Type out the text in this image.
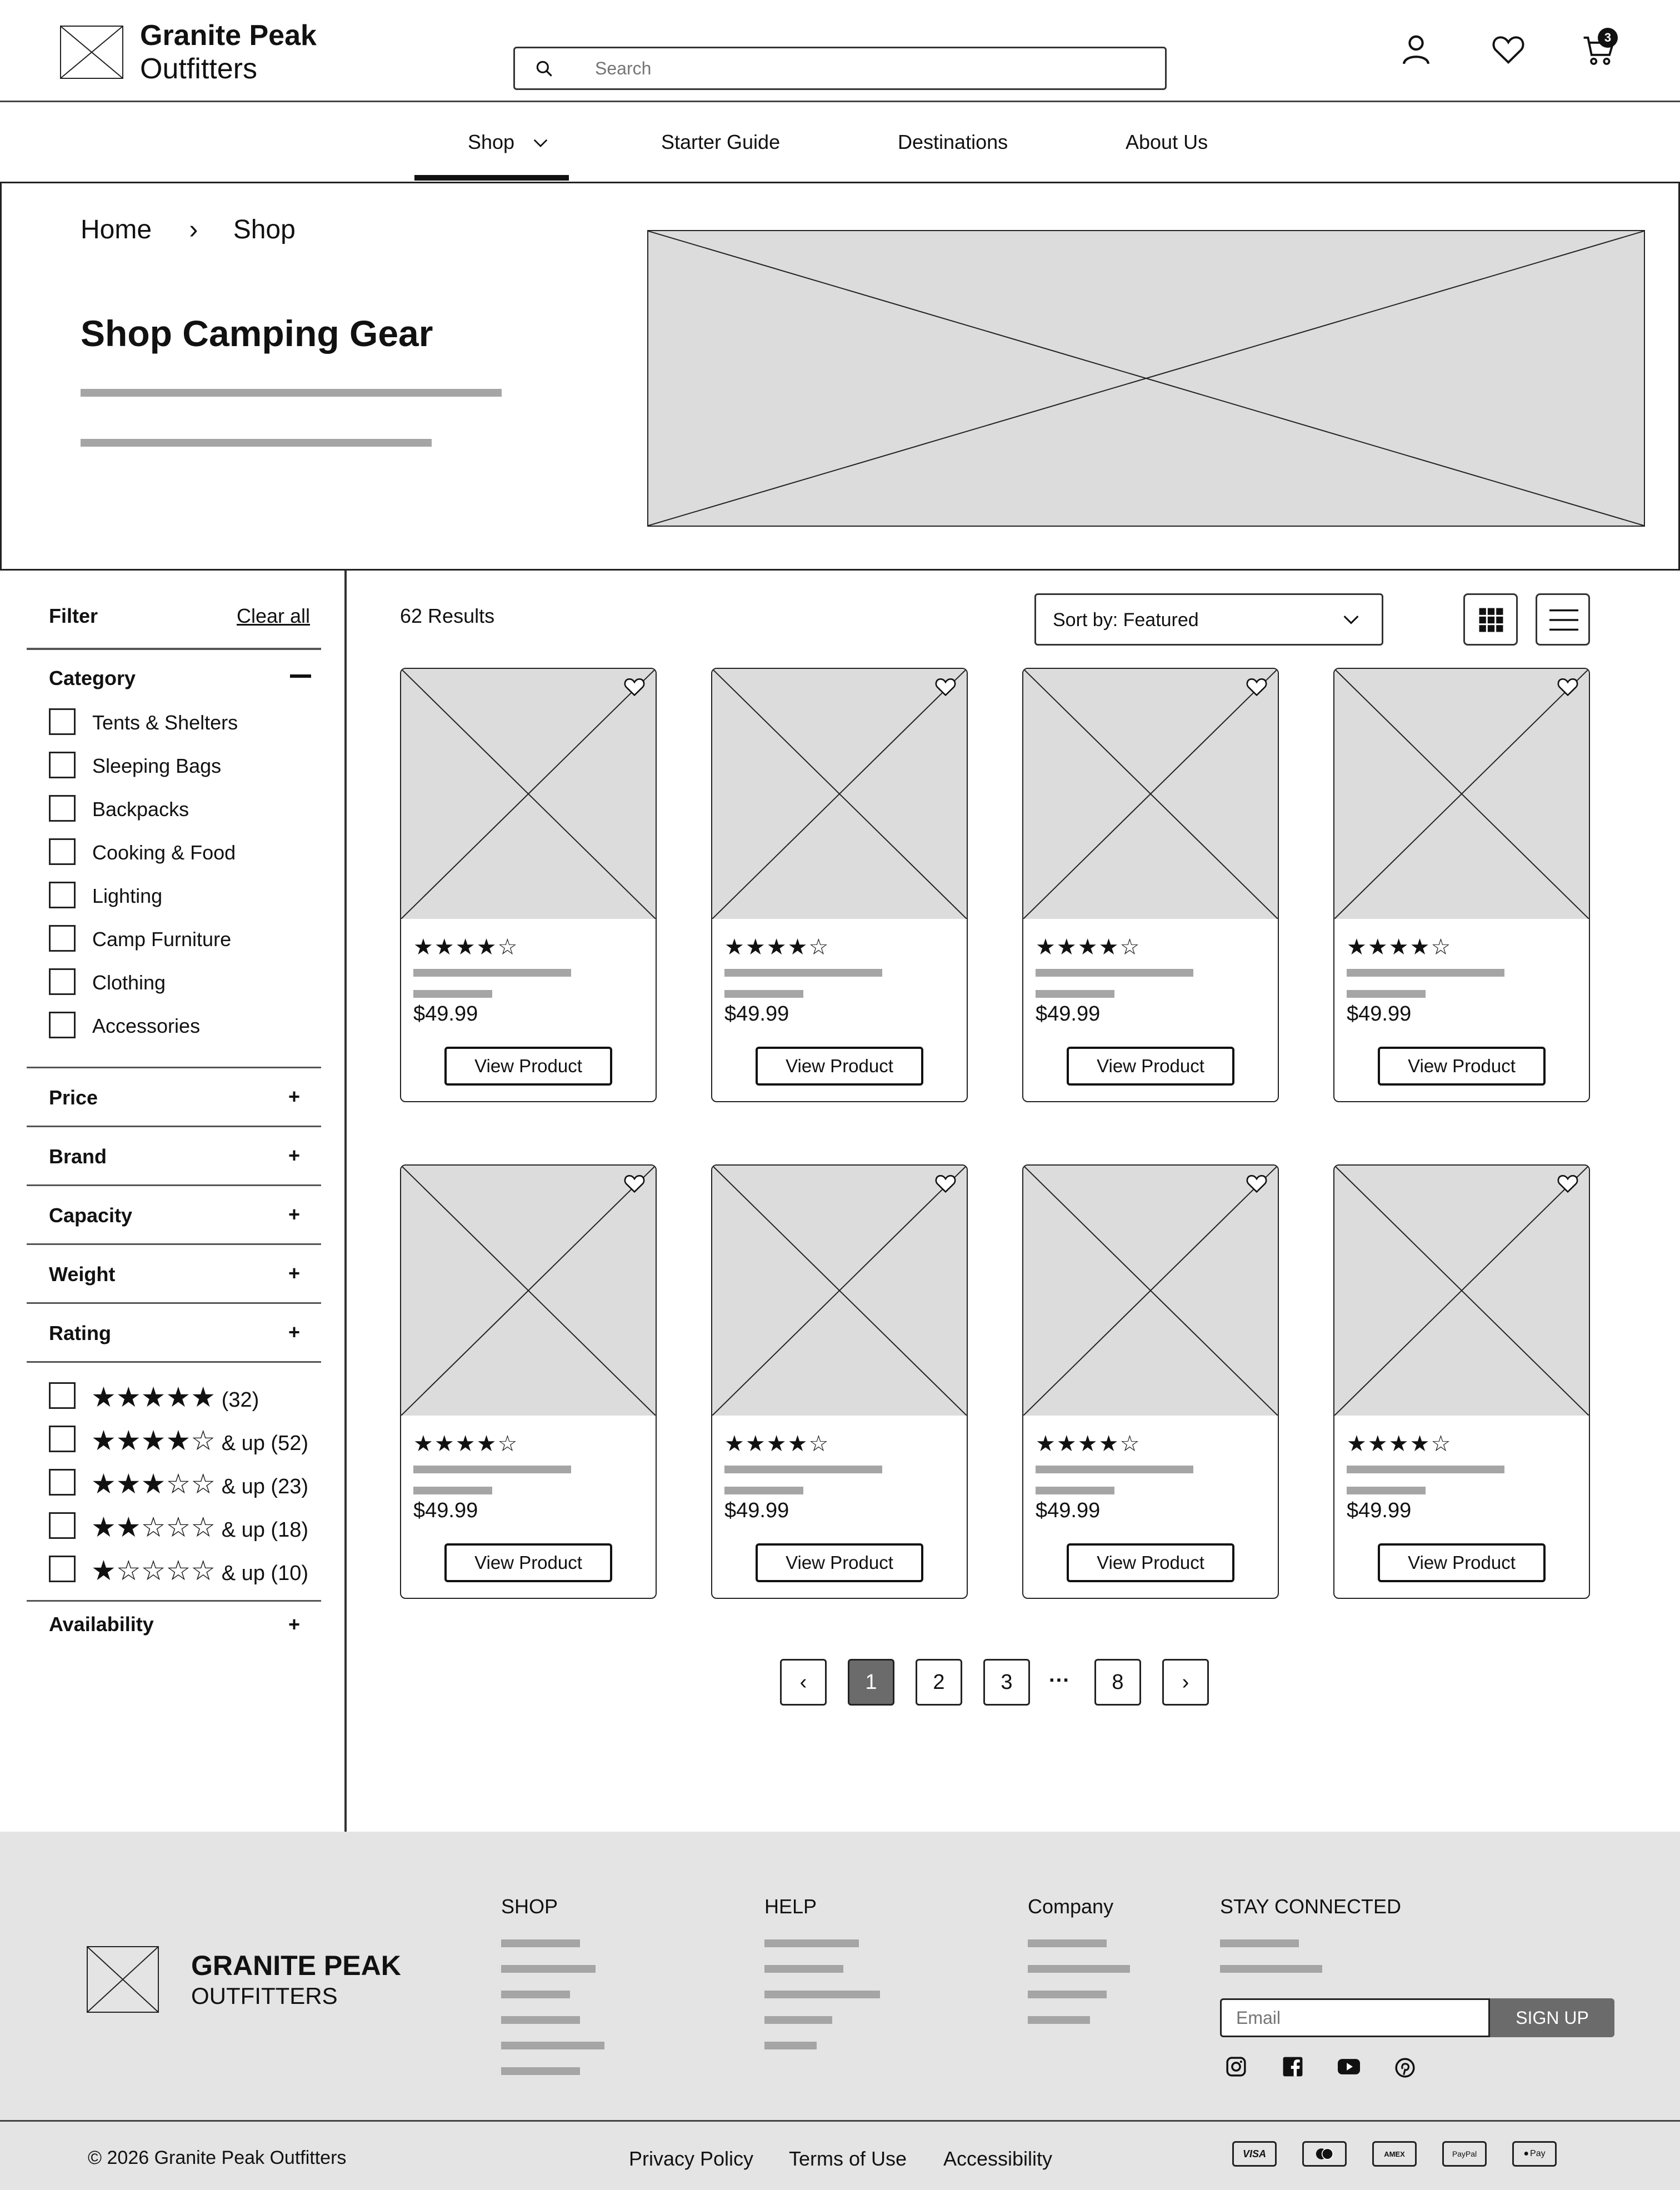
Granite Peak
Outfitters
Search
3
Shop	Starter Guide	Destinations	About Us
Home › Shop
Shop Camping Gear
Filter	Clear all
Category
Tents & Shelters
Sleeping Bags
Backpacks
Cooking & Food
Lighting
Camp Furniture
Clothing
Accessories
Price	+
Brand	+
Capacity	+
Weight	+
Rating	+
★★★★★ (32)
★★★★☆ & up (52)
★★★☆☆ & up (23)
★★☆☆☆ & up (18)
★☆☆☆☆ & up (10)
Availability	+
62 Results	Sort by: Featured
★★★★☆
$49.99
View Product
★★★★☆
$49.99
View Product
★★★★☆
$49.99
View Product
★★★★☆
$49.99
View Product
★★★★☆
$49.99
View Product
★★★★☆
$49.99
View Product
★★★★☆
$49.99
View Product
★★★★☆
$49.99
View Product
‹	1	2	3	···	8	›
GRANITE PEAK
OUTFITTERS
SHOP	HELP	Company	STAY CONNECTED
Email
SIGN UP
© 2026 Granite Peak Outfitters	Privacy Policy Terms of Use Accessibility	VISA	AMEX	PayPal	● Pay
